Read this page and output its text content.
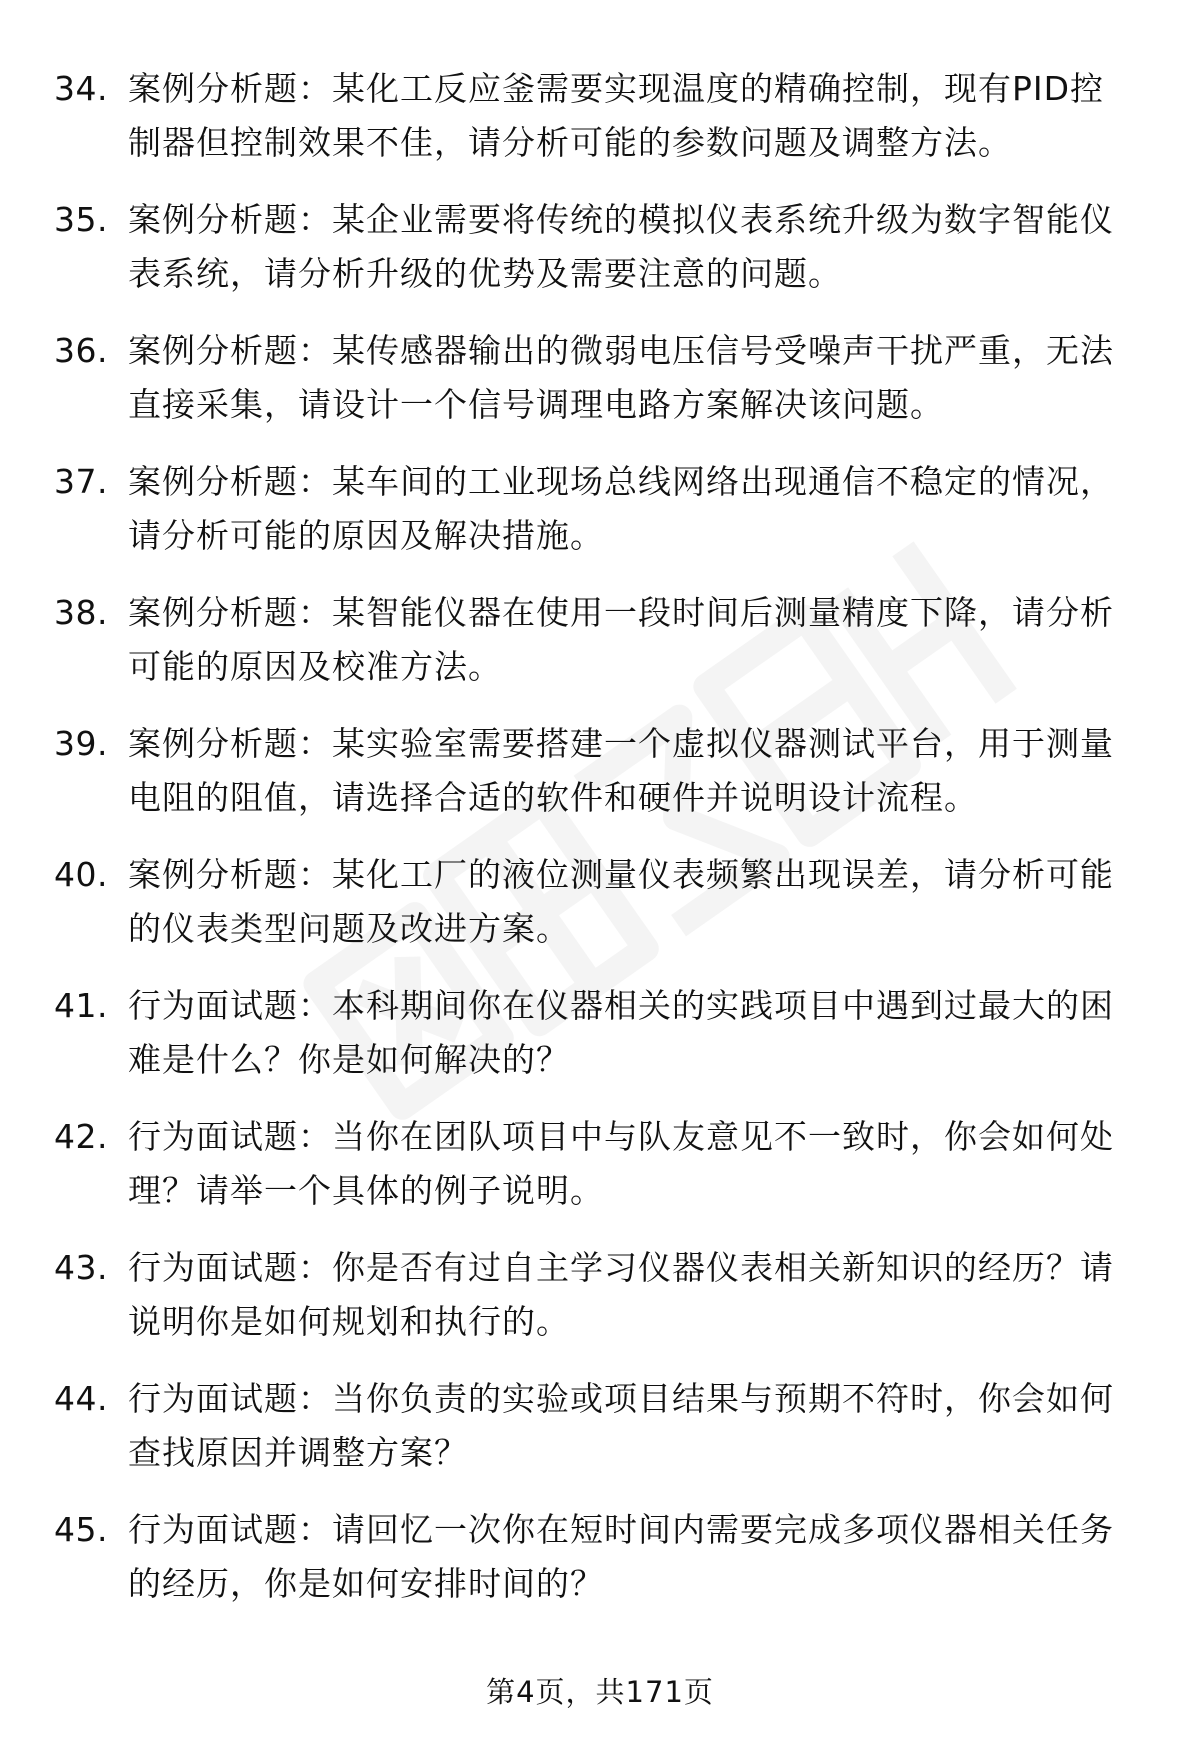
34. 案例分析题：某化工反应釜需要实现温度的精确控制，现有PID控制器但控制效果不佳，请分析可能的参数问题及调整方法。
35. 案例分析题：某企业需要将传统的模拟仪表系统升级为数字智能仪表系统，请分析升级的优势及需要注意的问题。
36. 案例分析题：某传感器输出的微弱电压信号受噪声干扰严重，无法直接采集，请设计一个信号调理电路方案解决该问题。
37. 案例分析题：某车间的工业现场总线网络出现通信不稳定的情况，请分析可能的原因及解决措施。
38. 案例分析题：某智能仪器在使用一段时间后测量精度下降，请分析可能的原因及校准方法。
39. 案例分析题：某实验室需要搭建一个虚拟仪器测试平台，用于测量电阻的阻值，请选择合适的软件和硬件并说明设计流程。
40. 案例分析题：某化工厂的液位测量仪表频繁出现误差，请分析可能的仪表类型问题及改进方案。
41. 行为面试题：本科期间你在仪器相关的实践项目中遇到过最大的困难是什么？你是如何解决的？
42. 行为面试题：当你在团队项目中与队友意见不一致时，你会如何处理？请举一个具体的例子说明。
43. 行为面试题：你是否有过自主学习仪器仪表相关新知识的经历？请说明你是如何规划和执行的。
44. 行为面试题：当你负责的实验或项目结果与预期不符时，你会如何查找原因并调整方案？
45. 行为面试题：请回忆一次你在短时间内需要完成多项仪器相关任务的经历，你是如何安排时间的？
第4页，共171页
